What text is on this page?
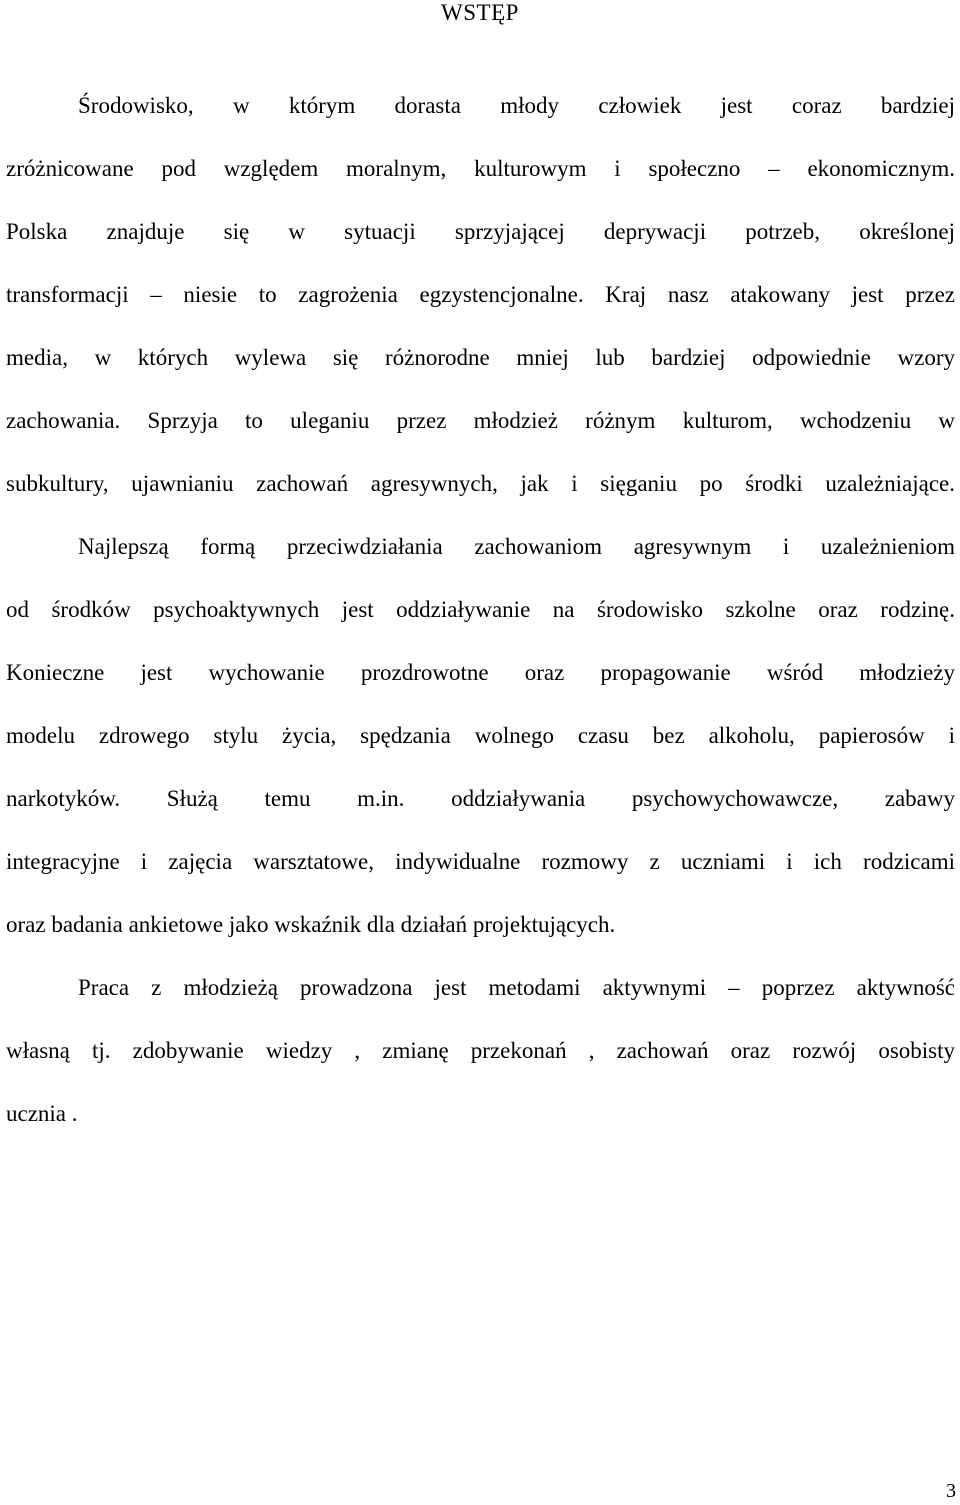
WSTĘP
Środowisko, w którym dorasta młody człowiek jest coraz bardziej
zróżnicowane pod względem moralnym, kulturowym i społeczno – ekonomicznym.
Polska znajduje się w sytuacji sprzyjającej deprywacji potrzeb, określonej
transformacji – niesie to zagrożenia egzystencjonalne. Kraj nasz atakowany jest przez
media, w których wylewa się różnorodne mniej lub bardziej odpowiednie wzory
zachowania. Sprzyja to uleganiu przez młodzież różnym kulturom, wchodzeniu w
subkultury, ujawnianiu zachowań agresywnych, jak i sięganiu po środki uzależniające.
Najlepszą formą przeciwdziałania zachowaniom agresywnym i uzależnieniom
od środków psychoaktywnych jest oddziaływanie na środowisko szkolne oraz rodzinę.
Konieczne jest wychowanie prozdrowotne oraz propagowanie wśród młodzieży
modelu zdrowego stylu życia, spędzania wolnego czasu bez alkoholu, papierosów i
narkotyków. Służą temu m.in. oddziaływania psychowychowawcze, zabawy
integracyjne i zajęcia warsztatowe, indywidualne rozmowy z uczniami i ich rodzicami
oraz badania ankietowe jako wskaźnik dla działań projektujących.
Praca z młodzieżą prowadzona jest metodami aktywnymi – poprzez aktywność
własną tj. zdobywanie wiedzy , zmianę przekonań , zachowań oraz rozwój osobisty
ucznia .
3
